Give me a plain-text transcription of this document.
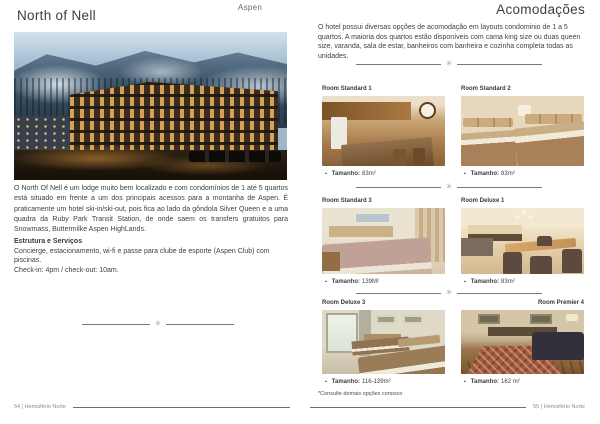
Aspen
North of Nell
O North Of Nell é um lodge muito bem localizado e com condomínios de 1 até 5 quartos está situado em frente a um dos principais acessos para a montanha de Aspen. É praticamente um hotel ski-in/ski-out, pois fica ao lado da gôndola Silver Queen e a uma quadra da Ruby Park Transit Station, de onde saem os transfers gratuitos para Snowmass, Buttermilke Aspen HighLands.
Estrutura e Serviços
Concierge, estacionamento, wi-fi e passe para clube de esporte (Aspen Club) com piscinas.
Check-in: 4pm / check-out: 10am.
✳
54 | Hemisfério Norte
Acomodações
O hotel possui diversas opções de acomodação em layouts condominio de 1 a 5 quartos. A maioria dos quartos estão disponíveis com cama king size ou duas queen size, varanda, sala de estar, banheiros com banheira e cozinha completa todas as unidades.
✳
Room Standard 1
▪ Tamanho: 83m²
Room Standard 2
▪ Tamanho: 83m²
✳
Room Standard 3
▪ Tamanho: 139M²
Room Deluxe 1
▪ Tamanho: 83m²
✳
Room Deluxe 3
▪ Tamanho: 116-139m²
Room Premier 4
▪ Tamanho: 162 m²
*Consulte demais opções conosco
55 | Hemisfério Norte
